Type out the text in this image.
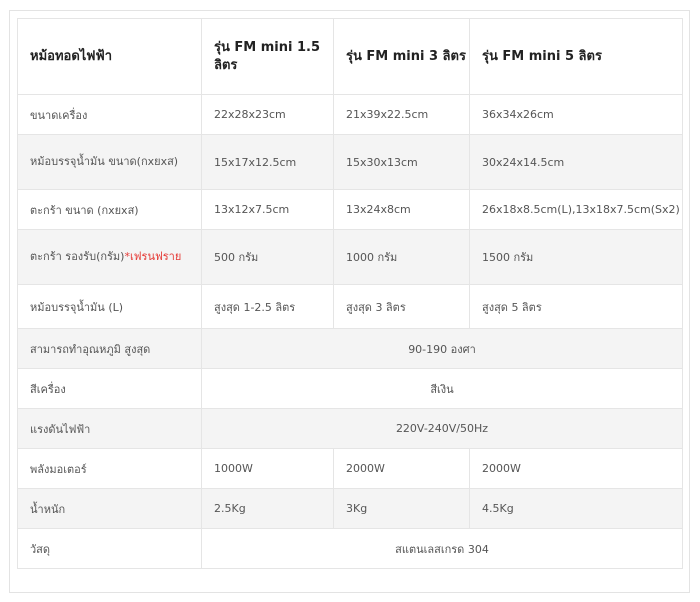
หม้อทอดไฟฟ้า	รุ่น FM mini 1.5 ลิตร	รุ่น FM mini 3 ลิตร	รุ่น FM mini 5 ลิตร
ขนาดเครื่อง	22x28x23cm	21x39x22.5cm	36x34x26cm
หม้อบรรจุน้ำมัน ขนาด(กxยxส)	15x17x12.5cm	15x30x13cm	30x24x14.5cm
ตะกร้า ขนาด (กxยxส)	13x12x7.5cm	13x24x8cm	26x18x8.5cm(L),13x18x7.5cm(Sx2)
ตะกร้า รองรับ(กรัม)*เฟรนฟราย	500 กรัม	1000 กรัม	1500 กรัม
หม้อบรรจุน้ำมัน (L)	สูงสุด 1-2.5 ลิตร	สูงสุด 3 ลิตร	สูงสุด 5 ลิตร
สามารถทำอุณหภูมิ สูงสุด	90-190 องศา		
สีเครื่อง	สีเงิน		
แรงดันไฟฟ้า	220V-240V/50Hz		
พลังมอเตอร์	1000W	2000W	2000W
น้ำหนัก	2.5Kg	3Kg	4.5Kg
วัสดุ	สแตนเลสเกรด 304		
